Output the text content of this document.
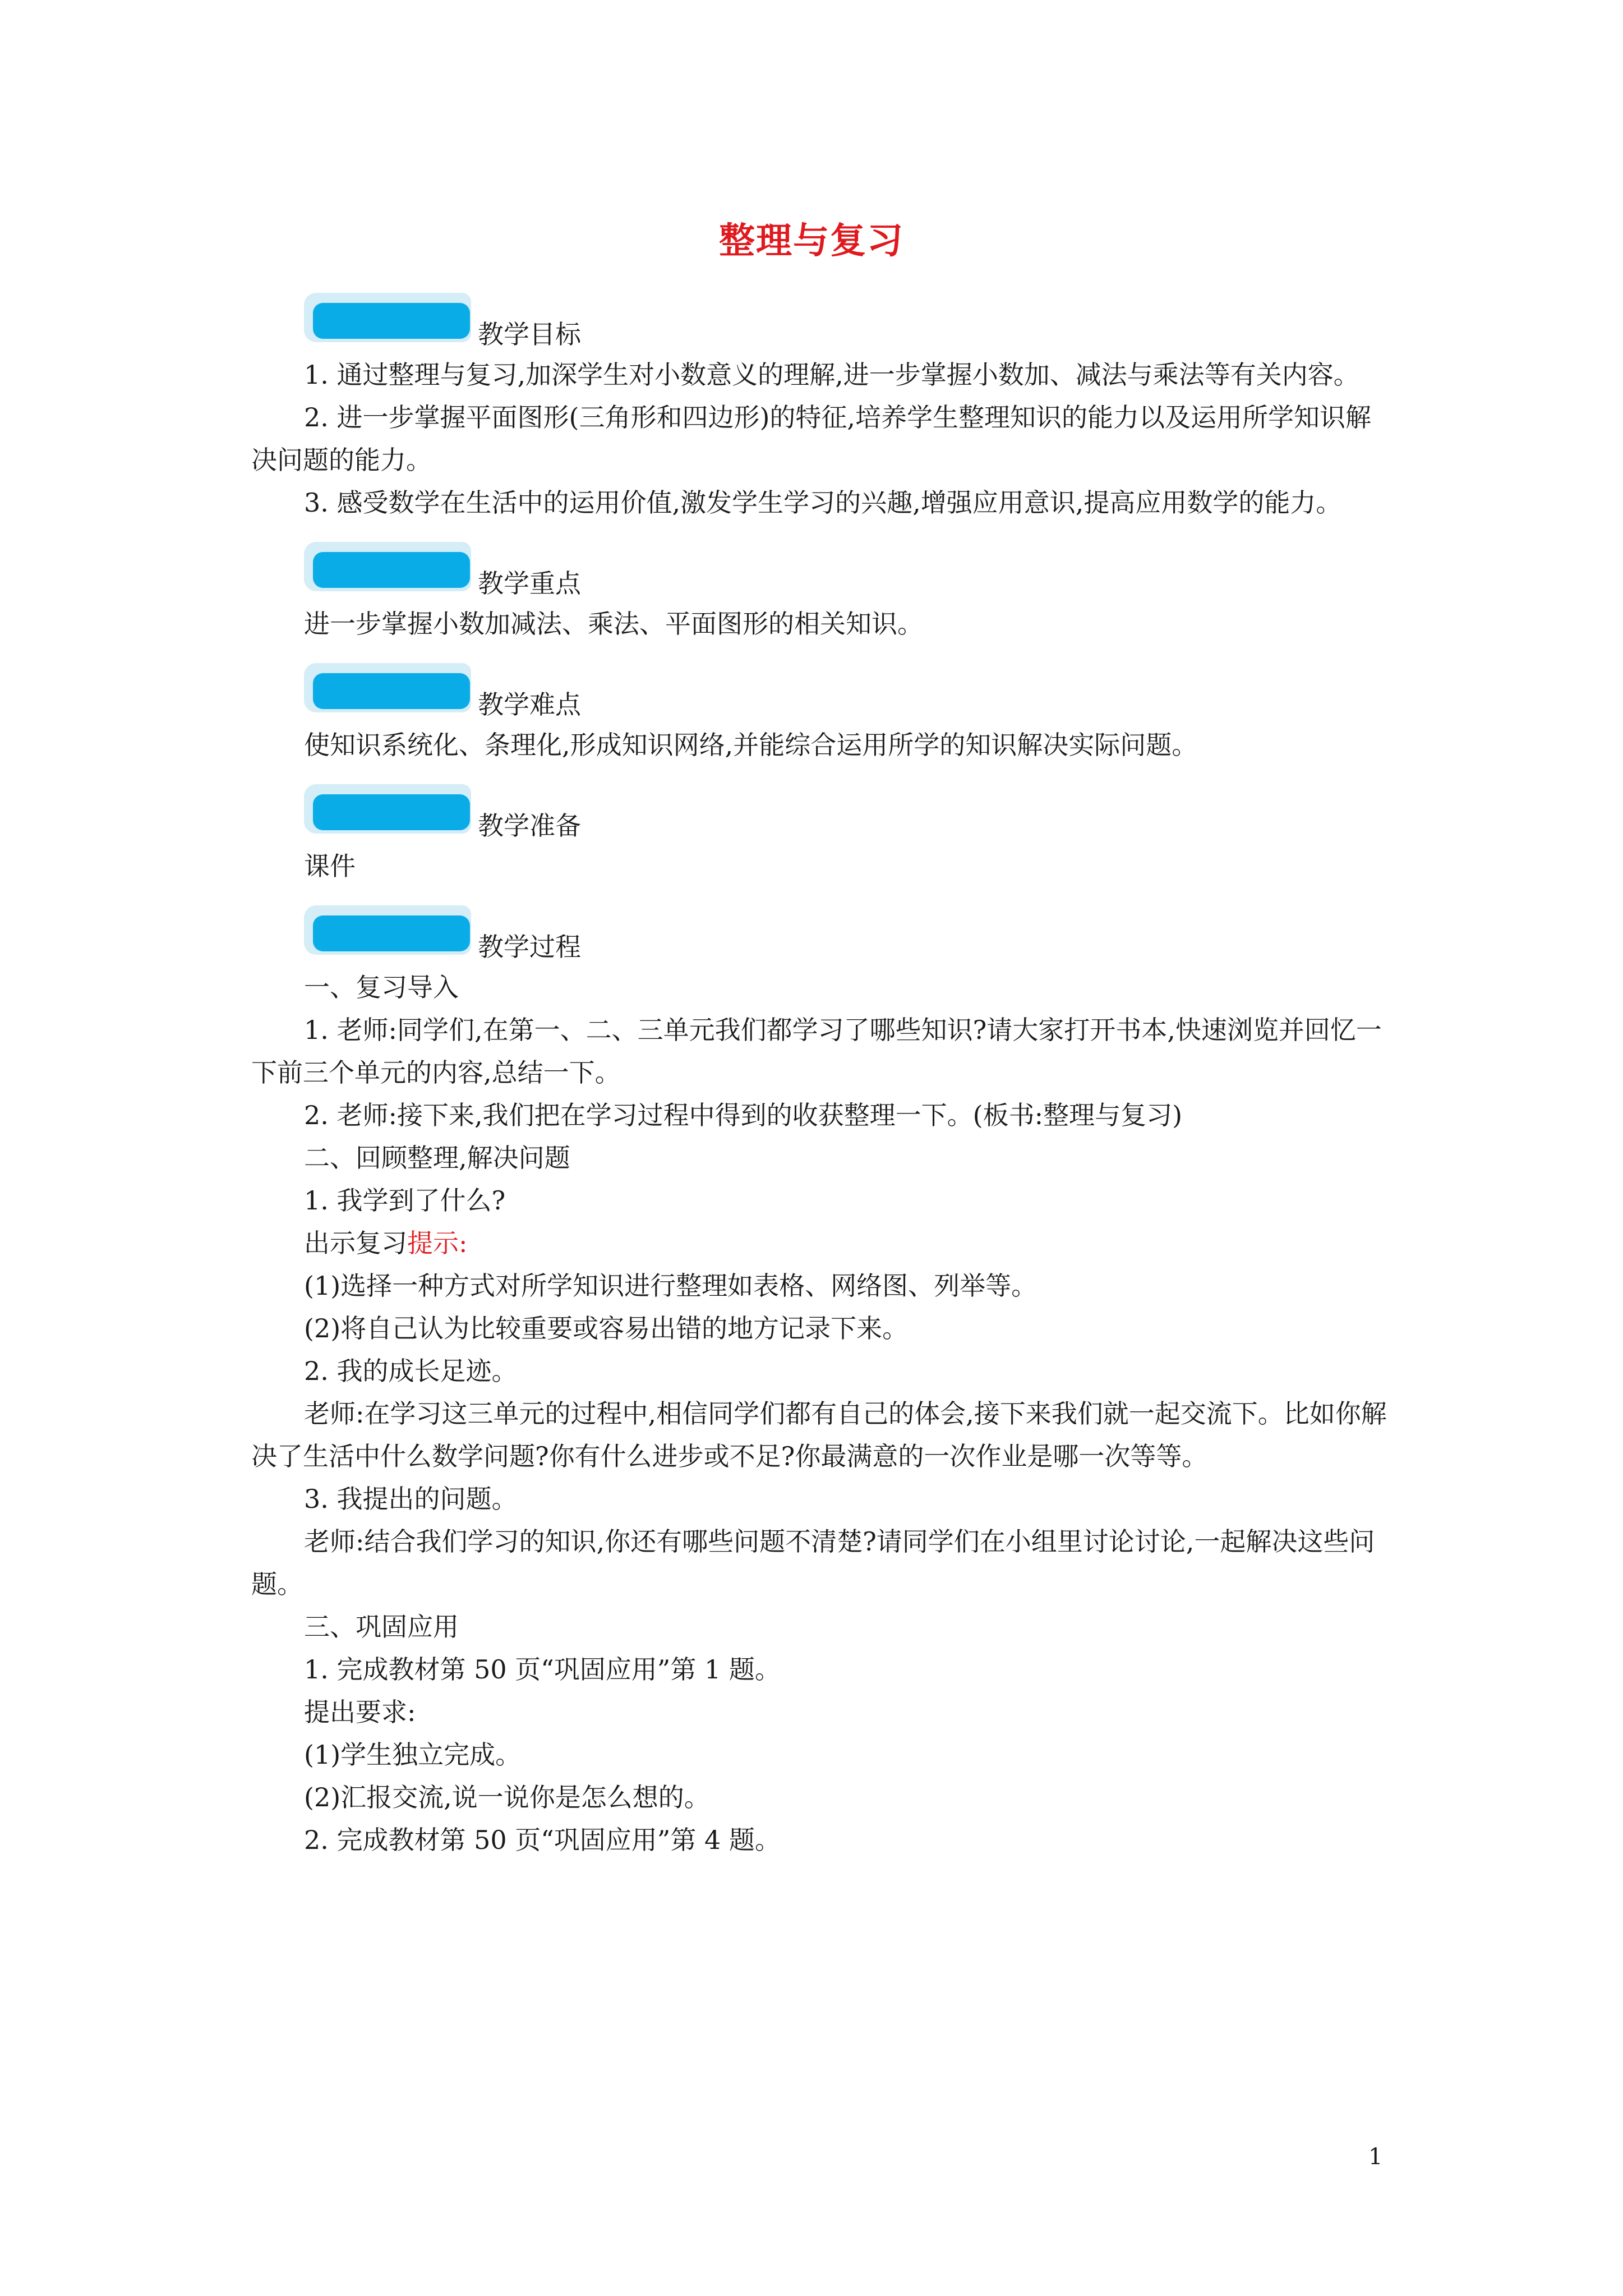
整理与复习
教学目标

1. 通过整理与复习,加深学生对小数意义的理解,进一步掌握小数加、减法与乘法等有关内容。

2. 进一步掌握平面图形(三角形和四边形)的特征,培养学生整理知识的能力以及运用所学知识解决问题的能力。

3. 感受数学在生活中的运用价值,激发学生学习的兴趣,增强应用意识,提高应用数学的能力。

教学重点

进一步掌握小数加减法、乘法、平面图形的相关知识。

教学难点

使知识系统化、条理化,形成知识网络,并能综合运用所学的知识解决实际问题。

教学准备

课件

教学过程

一、复习导入

1. 老师:同学们,在第一、二、三单元我们都学习了哪些知识?请大家打开书本,快速浏览并回忆一下前三个单元的内容,总结一下。

2. 老师:接下来,我们把在学习过程中得到的收获整理一下。(板书:整理与复习)

二、回顾整理,解决问题

1. 我学到了什么?

出示复习提示:

(1)选择一种方式对所学知识进行整理如表格、网络图、列举等。

(2)将自己认为比较重要或容易出错的地方记录下来。

2. 我的成长足迹。

老师:在学习这三单元的过程中,相信同学们都有自己的体会,接下来我们就一起交流下。比如你解决了生活中什么数学问题?你有什么进步或不足?你最满意的一次作业是哪一次等等。

3. 我提出的问题。

老师:结合我们学习的知识,你还有哪些问题不清楚?请同学们在小组里讨论讨论,一起解决这些问题。

三、巩固应用

1. 完成教材第 50 页“巩固应用”第 1 题。

提出要求:

(1)学生独立完成。

(2)汇报交流,说一说你是怎么想的。

2. 完成教材第 50 页“巩固应用”第 4 题。

1
